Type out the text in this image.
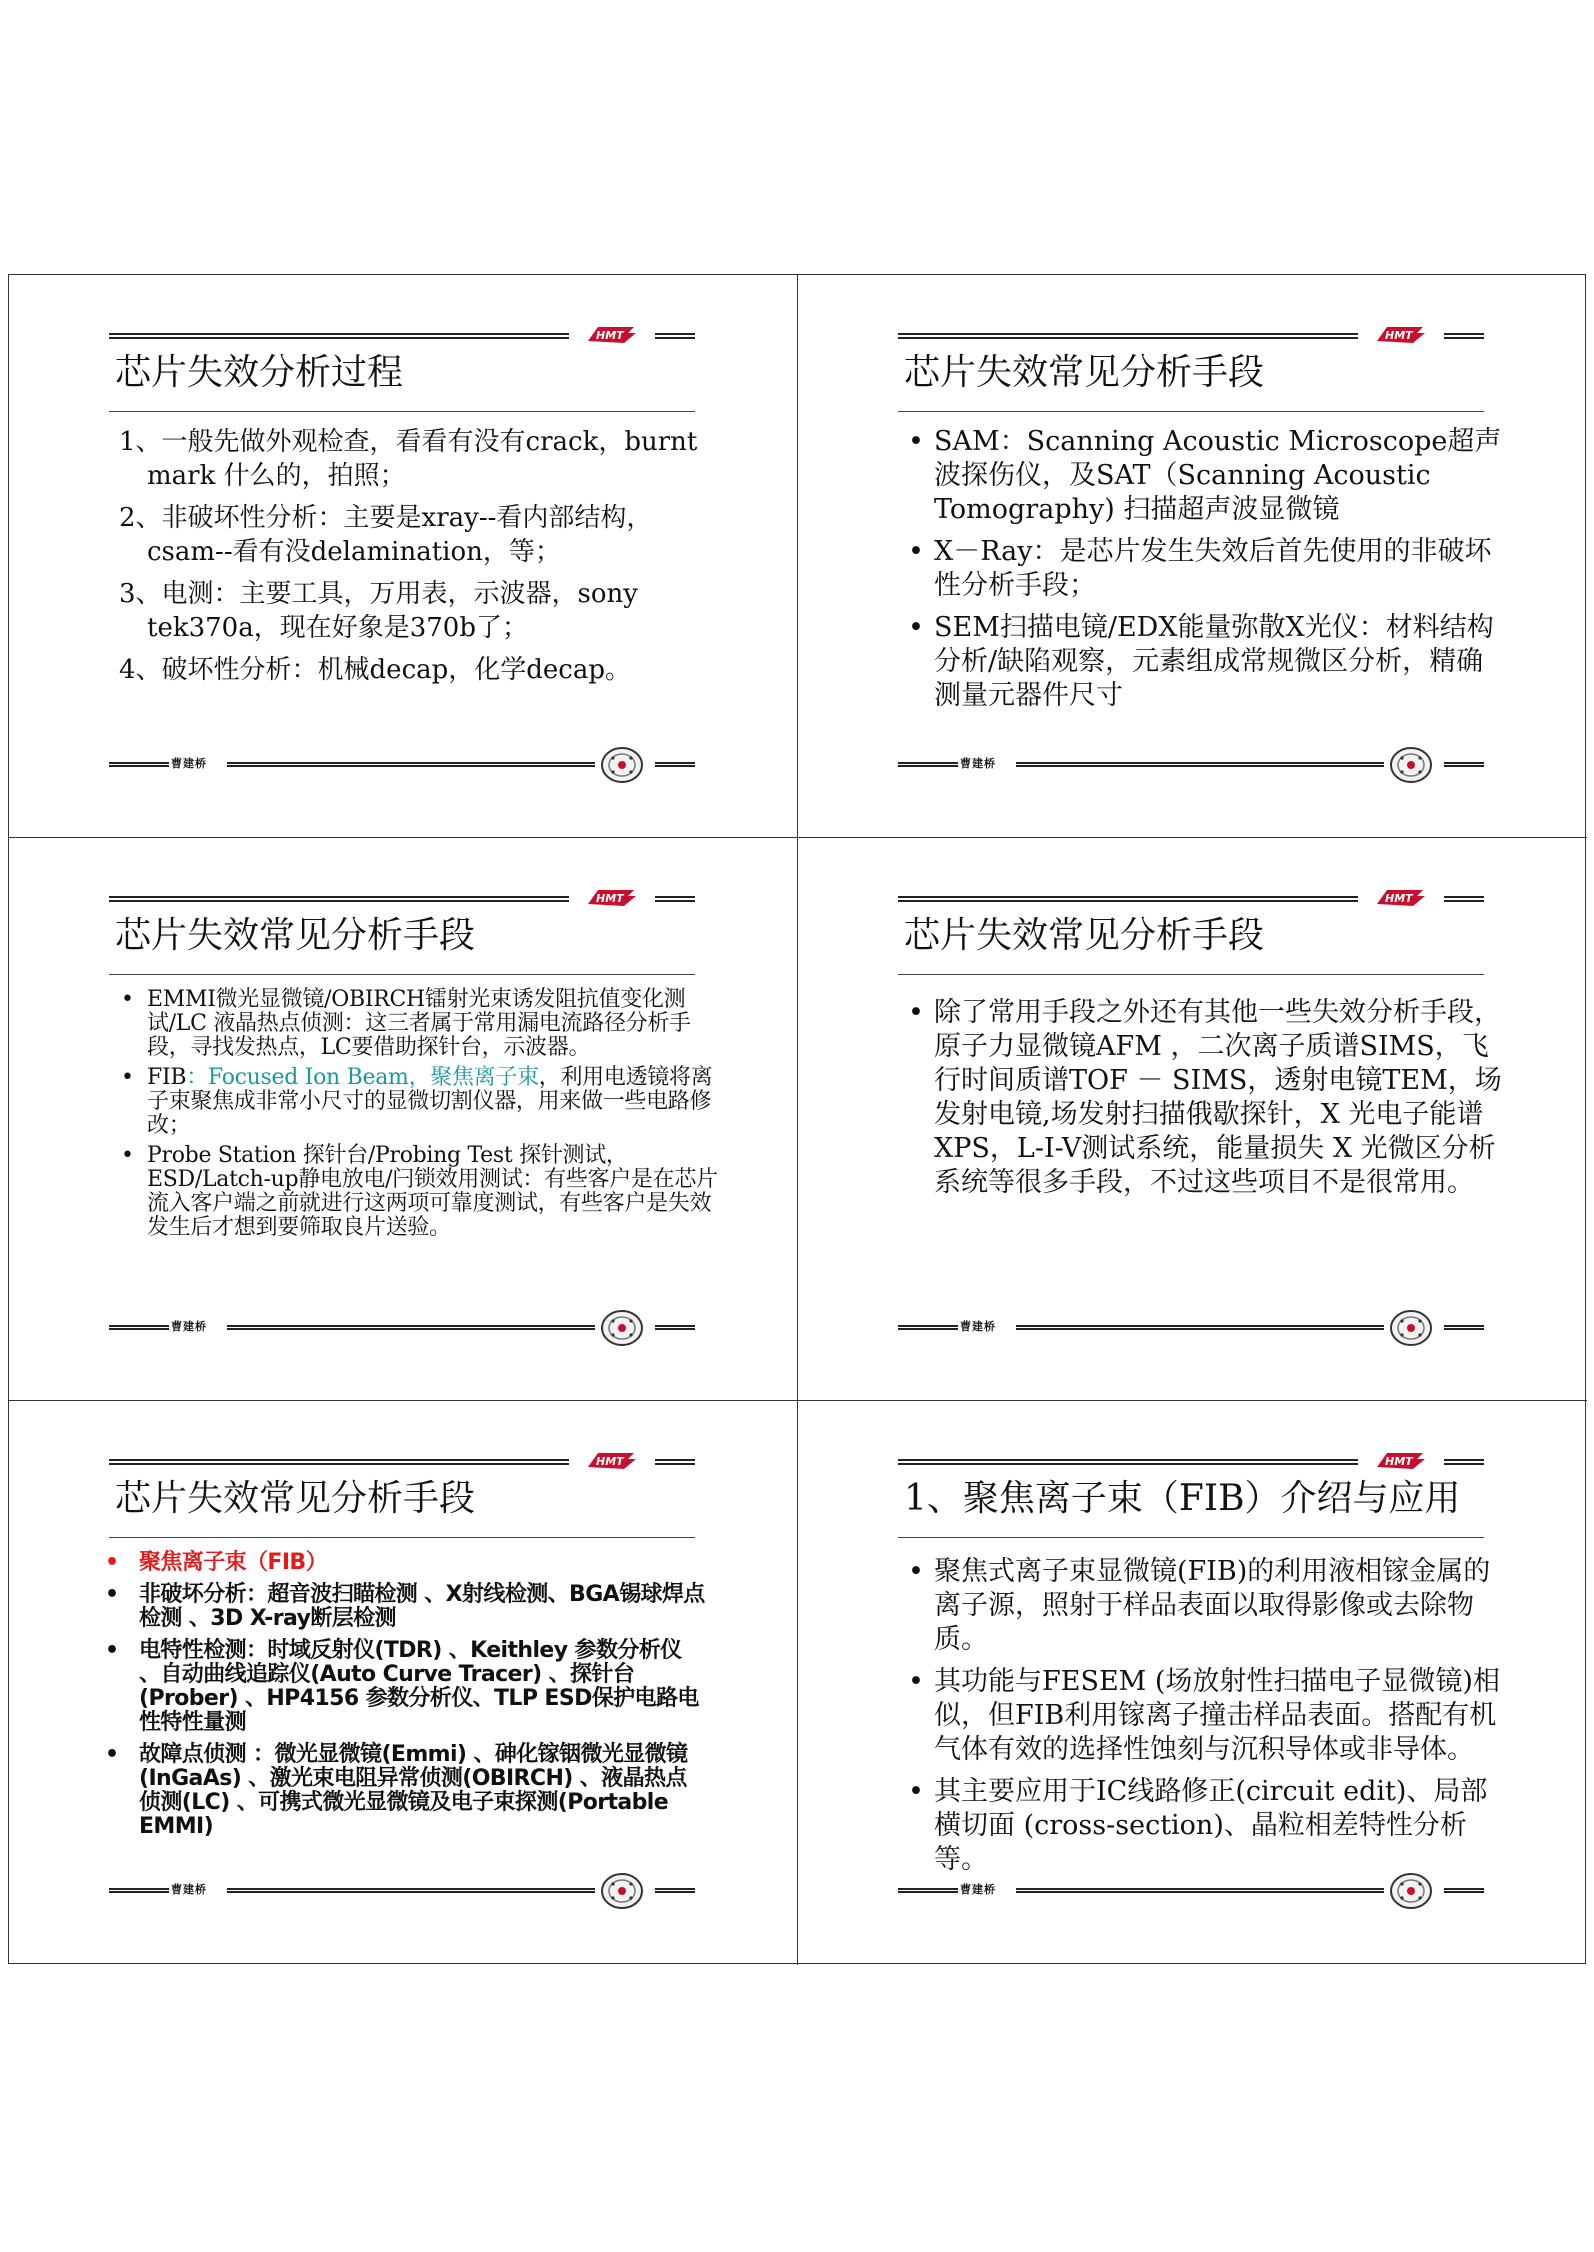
HMT
芯片失效分析过程
1、一般先做外观检查，看看有没有crack，burnt mark 什么的，拍照；
2、非破坏性分析：主要是xray--看内部结构，csam--看有没delamination，等；
3、电测：主要工具，万用表，示波器，sony tek370a，现在好象是370b了；
4、破坏性分析：机械decap，化学decap。
曹建桥
HMT
芯片失效常见分析手段
• SAM：Scanning Acoustic Microscope超声波探伤仪，及SAT（Scanning Acoustic Tomography) 扫描超声波显微镜
• X－Ray：是芯片发生失效后首先使用的非破坏性分析手段；
• SEM扫描电镜/EDX能量弥散X光仪：材料结构分析/缺陷观察，元素组成常规微区分析，精确测量元器件尺寸
曹建桥
HMT
芯片失效常见分析手段
• EMMI微光显微镜/OBIRCH镭射光束诱发阻抗值变化测试/LC 液晶热点侦测：这三者属于常用漏电流路径分析手段，寻找发热点，LC要借助探针台，示波器。
• FIB：Focused Ion Beam，聚焦离子束，利用电透镜将离子束聚焦成非常小尺寸的显微切割仪器，用来做一些电路修改；
• Probe Station 探针台/Probing Test 探针测试，ESD/Latch-up静电放电/闩锁效用测试：有些客户是在芯片流入客户端之前就进行这两项可靠度测试，有些客户是失效发生后才想到要筛取良片送验。
曹建桥
HMT
芯片失效常见分析手段
• 除了常用手段之外还有其他一些失效分析手段，原子力显微镜AFM ，二次离子质谱SIMS，飞行时间质谱TOF － SIMS，透射电镜TEM，场发射电镜,场发射扫描俄歇探针，X 光电子能谱XPS，L-I-V测试系统，能量损失 X 光微区分析系统等很多手段，不过这些项目不是很常用。
曹建桥
HMT
芯片失效常见分析手段
• 聚焦离子束（FIB）
• 非破坏分析：超音波扫瞄检测 、X射线检测、BGA锡球焊点检测 、3D X-ray断层检测
• 电特性检测：时域反射仪(TDR) 、Keithley 参数分析仪 、自动曲线追踪仪(Auto Curve Tracer) 、探针台(Prober) 、HP4156 参数分析仪、TLP ESD保护电路电性特性量测
• 故障点侦测 ：微光显微镜(Emmi) 、砷化镓铟微光显微镜(InGaAs) 、激光束电阻异常侦测(OBIRCH) 、液晶热点侦测(LC) 、可携式微光显微镜及电子束探测(Portable EMMI)
曹建桥
HMT
1、聚焦离子束（FIB）介绍与应用
• 聚焦式离子束显微镜(FIB)的利用液相镓金属的离子源，照射于样品表面以取得影像或去除物质。
• 其功能与FESEM (场放射性扫描电子显微镜)相似，但FIB利用镓离子撞击样品表面。搭配有机气体有效的选择性蚀刻与沉积导体或非导体。
• 其主要应用于IC线路修正(circuit edit)、局部横切面 (cross-section)、晶粒相差特性分析等。
曹建桥
